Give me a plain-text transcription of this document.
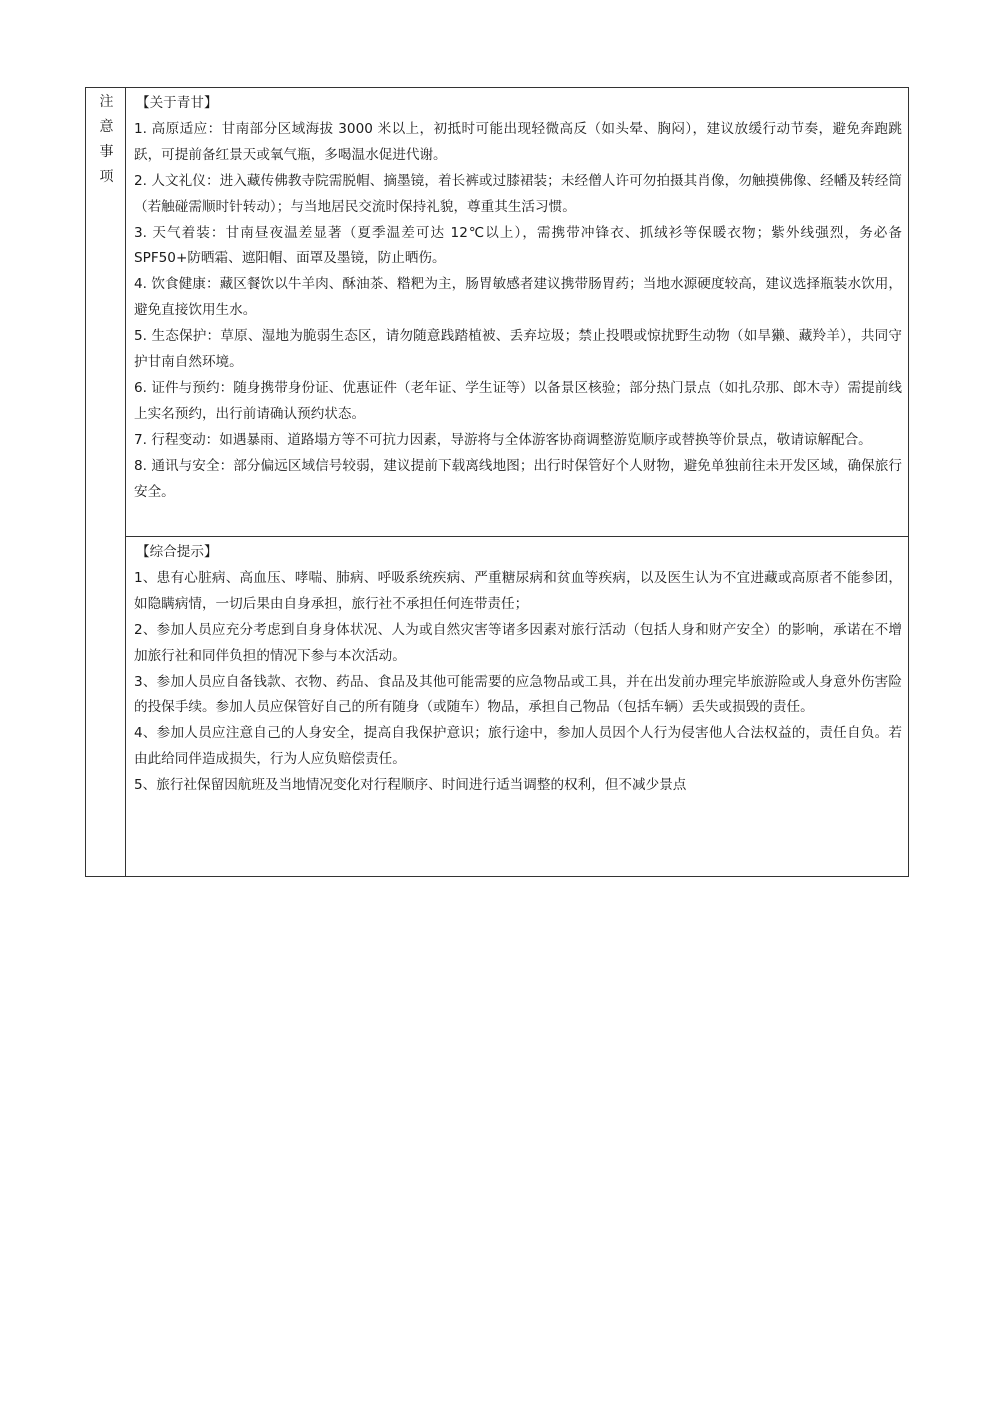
注
意
事
项

【关于青甘】

1. 高原适应：甘南部分区域海拔 3000 米以上，初抵时可能出现轻微高反（如头晕、胸闷），建议放缓行动节奏，避免奔跑跳跃，可提前备红景天或氧气瓶，多喝温水促进代谢。

2. 人文礼仪：进入藏传佛教寺院需脱帽、摘墨镜，着长裤或过膝裙装；未经僧人许可勿拍摄其肖像，勿触摸佛像、经幡及转经筒（若触碰需顺时针转动）；与当地居民交流时保持礼貌，尊重其生活习惯。

3. 天气着装：甘南昼夜温差显著（夏季温差可达 12℃以上），需携带冲锋衣、抓绒衫等保暖衣物；紫外线强烈，务必备 SPF50+防晒霜、遮阳帽、面罩及墨镜，防止晒伤。

4. 饮食健康：藏区餐饮以牛羊肉、酥油茶、糌粑为主，肠胃敏感者建议携带肠胃药；当地水源硬度较高，建议选择瓶装水饮用，避免直接饮用生水。

5. 生态保护：草原、湿地为脆弱生态区，请勿随意践踏植被、丢弃垃圾；禁止投喂或惊扰野生动物（如旱獭、藏羚羊），共同守护甘南自然环境。

6. 证件与预约：随身携带身份证、优惠证件（老年证、学生证等）以备景区核验；部分热门景点（如扎尕那、郎木寺）需提前线上实名预约，出行前请确认预约状态。

7. 行程变动：如遇暴雨、道路塌方等不可抗力因素，导游将与全体游客协商调整游览顺序或替换等价景点，敬请谅解配合。

8. 通讯与安全：部分偏远区域信号较弱，建议提前下载离线地图；出行时保管好个人财物，避免单独前往未开发区域，确保旅行安全。

【综合提示】

1、患有心脏病、高血压、哮喘、肺病、呼吸系统疾病、严重糖尿病和贫血等疾病，以及医生认为不宜进藏或高原者不能参团，如隐瞒病情，一切后果由自身承担，旅行社不承担任何连带责任；

2、参加人员应充分考虑到自身身体状况、人为或自然灾害等诸多因素对旅行活动（包括人身和财产安全）的影响，承诺在不增加旅行社和同伴负担的情况下参与本次活动。

3、参加人员应自备钱款、衣物、药品、食品及其他可能需要的应急物品或工具，并在出发前办理完毕旅游险或人身意外伤害险的投保手续。参加人员应保管好自己的所有随身（或随车）物品，承担自己物品（包括车辆）丢失或损毁的责任。

4、参加人员应注意自己的人身安全，提高自我保护意识；旅行途中，参加人员因个人行为侵害他人合法权益的，责任自负。若由此给同伴造成损失，行为人应负赔偿责任。

5、旅行社保留因航班及当地情况变化对行程顺序、时间进行适当调整的权利，但不减少景点
